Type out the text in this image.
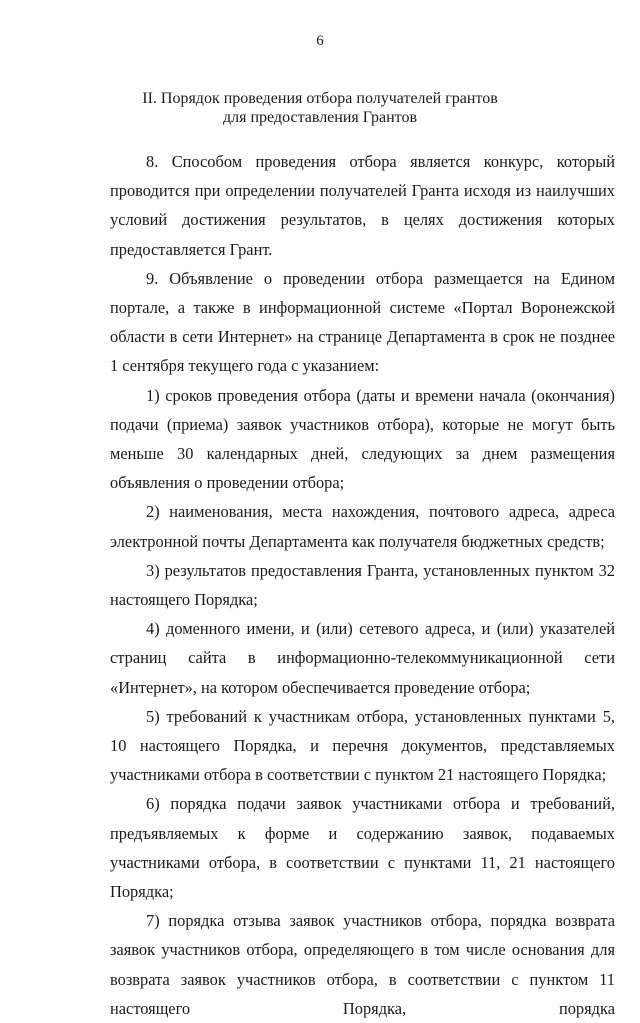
6
II. Порядок проведения отбора получателей грантов
для предоставления Грантов

8. Способом проведения отбора является конкурс, который проводится при определении получателей Гранта исходя из наилучших условий достижения результатов, в целях достижения которых предоставляется Грант.

9. Объявление о проведении отбора размещается на Едином портале, а также в информационной системе «Портал Воронежской области в сети Интернет» на странице Департамента в срок не позднее 1 сентября текущего года с указанием:

1) сроков проведения отбора (даты и времени начала (окончания) подачи (приема) заявок участников отбора), которые не могут быть меньше 30 календарных дней, следующих за днем размещения объявления о проведении отбора;

2) наименования, места нахождения, почтового адреса, адреса электронной почты Департамента как получателя бюджетных средств;

3) результатов предоставления Гранта, установленных пунктом 32 настоящего Порядка;

4) доменного имени, и (или) сетевого адреса, и (или) указателей страниц сайта в информационно-телекоммуникационной сети «Интернет», на котором обеспечивается проведение отбора;

5) требований к участникам отбора, установленных пунктами 5, 10 настоящего Порядка, и перечня документов, представляемых участниками отбора в соответствии с пунктом 21 настоящего Порядка;

6) порядка подачи заявок участниками отбора и требований, предъявляемых к форме и содержанию заявок, подаваемых участниками отбора, в соответствии с пунктами 11, 21 настоящего Порядка;

7) порядка отзыва заявок участников отбора, порядка возврата заявок участников отбора, определяющего в том числе основания для возврата заявок участников отбора, в соответствии с пунктом 11 настоящего Порядка, порядка
